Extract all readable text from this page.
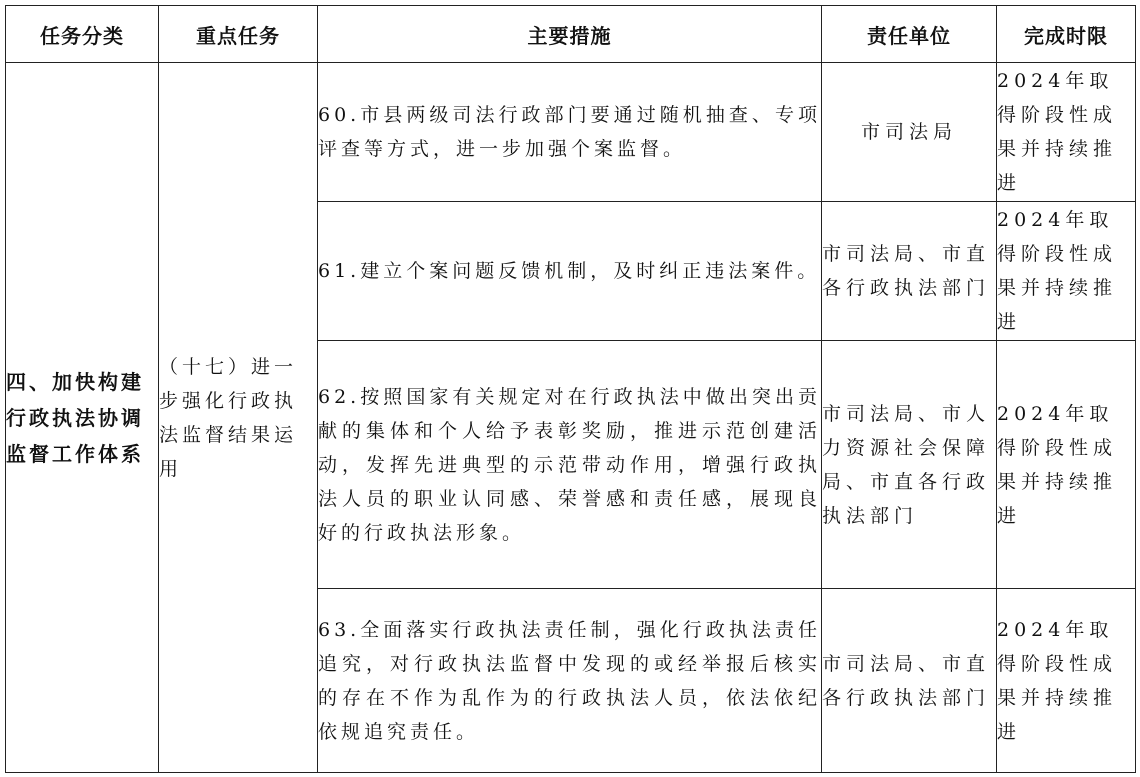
任务分类	重点任务	主要措施	责任单位	完成时限
四、加快构建行政执法协调监督工作体系	（十七）进一步强化行政执法监督结果运用	60.市县两级司法行政部门要通过随机抽查、专项评查等方式，进一步加强个案监督。	市司法局	2024年取得阶段性成果并持续推进
		61.建立个案问题反馈机制，及时纠正违法案件。	市司法局、市直各行政执法部门	2024年取得阶段性成果并持续推进
		62.按照国家有关规定对在行政执法中做出突出贡献的集体和个人给予表彰奖励，推进示范创建活动，发挥先进典型的示范带动作用，增强行政执法人员的职业认同感、荣誉感和责任感，展现良好的行政执法形象。	市司法局、市人力资源社会保障局、市直各行政执法部门	2024年取得阶段性成果并持续推进
		63.全面落实行政执法责任制，强化行政执法责任追究，对行政执法监督中发现的或经举报后核实的存在不作为乱作为的行政执法人员，依法依纪依规追究责任。	市司法局、市直各行政执法部门	2024年取得阶段性成果并持续推进
